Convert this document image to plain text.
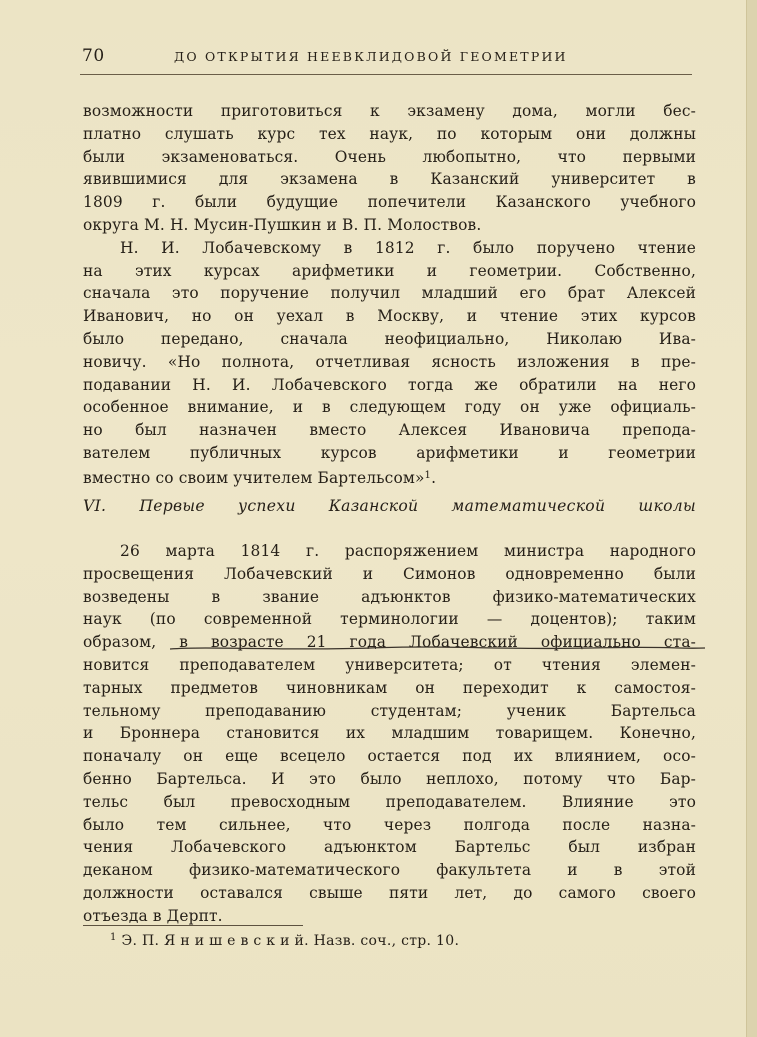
70	ДО ОТКРЫТИЯ НЕЕВКЛИДОВОЙ ГЕОМЕТРИИ

возможности приготовиться к экзамену дома, могли бес-
платно слушать курс тех наук, по которым они должны
были экзаменоваться. Очень любопытно, что первыми
явившимися для экзамена в Казанский университет в
1809 г. были будущие попечители Казанского учебного
округа М. Н. Мусин-Пушкин и В. П. Молоствов.

Н. И. Лобачевскому в 1812 г. было поручено чтение
на этих курсах арифметики и геометрии. Собственно,
сначала это поручение получил младший его брат Алексей
Иванович, но он уехал в Москву, и чтение этих курсов
было передано, сначала неофициально, Николаю Ива-
новичу. «Но полнота, отчетливая ясность изложения в пре-
подавании Н. И. Лобачевского тогда же обратили на него
особенное внимание, и в следующем году он уже официаль-
но был назначен вместо Алексея Ивановича препода-
вателем публичных курсов арифметики и геометрии
вместно со своим учителем Бартельсом»$^1$.

VI. Первые успехи Казанской математической школы
26 марта 1814 г. распоряжением министра народного
просвещения Лобачевский и Симонов одновременно были
возведены в звание адъюнктов физико-математических
наук (по современной терминологии — доцентов); таким
образом, в возрасте 21 года Лобачевский официально ста-
новится преподавателем университета; от чтения элемен-
тарных предметов чиновникам он переходит к самостоя-
тельному преподаванию студентам; ученик Бартельса
и Броннера становится их младшим товарищем. Конечно,
поначалу он еще всецело остается под их влиянием, осо-
бенно Бартельса. И это было неплохо, потому что Бар-
тельс был превосходным преподавателем. Влияние это
было тем сильнее, что через полгода после назна-
чения Лобачевского адъюнктом Бартельс был избран
деканом физико-математического факультета и в этой
должности оставался свыше пяти лет, до самого своего
отъезда в Дерпт.
$^1$ Э. П. Я н и ш е в с к и й. Назв. соч., стр. 10.
